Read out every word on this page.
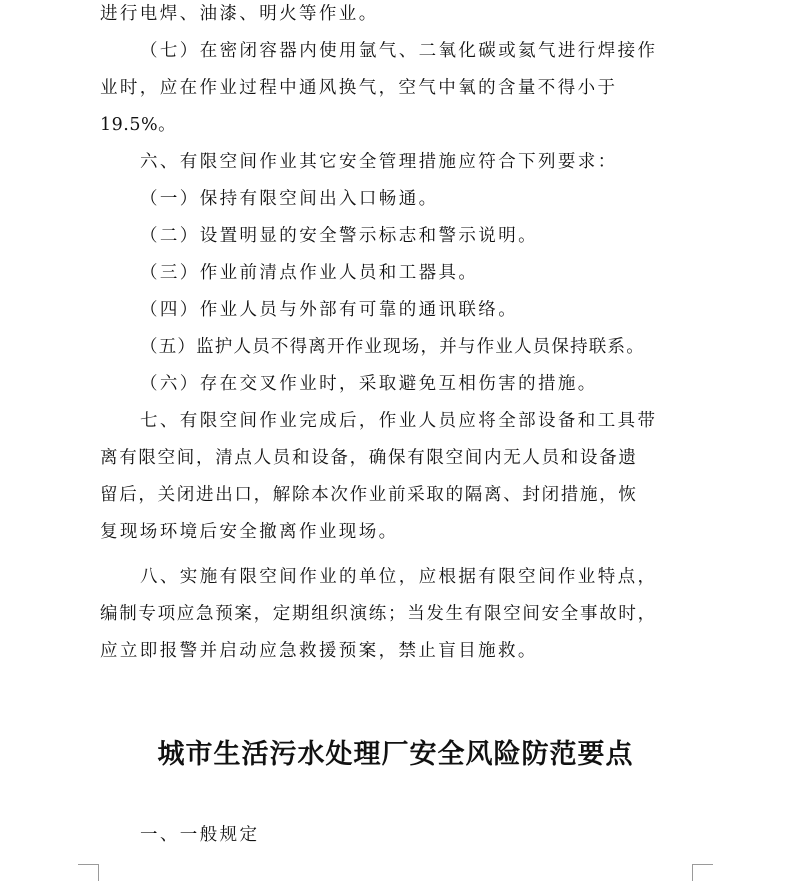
进行电焊、油漆、明火等作业。
（七）在密闭容器内使用氩气、二氧化碳或氦气进行焊接作
业时，应在作业过程中通风换气，空气中氧的含量不得小于
19.5%。
六、有限空间作业其它安全管理措施应符合下列要求：
（一）保持有限空间出入口畅通。
（二）设置明显的安全警示标志和警示说明。
（三）作业前清点作业人员和工器具。
（四）作业人员与外部有可靠的通讯联络。
（五）监护人员不得离开作业现场，并与作业人员保持联系。
（六）存在交叉作业时，采取避免互相伤害的措施。
七、有限空间作业完成后，作业人员应将全部设备和工具带
离有限空间，清点人员和设备，确保有限空间内无人员和设备遗
留后，关闭进出口，解除本次作业前采取的隔离、封闭措施，恢
复现场环境后安全撤离作业现场。
八、实施有限空间作业的单位，应根据有限空间作业特点，
编制专项应急预案，定期组织演练；当发生有限空间安全事故时，
应立即报警并启动应急救援预案，禁止盲目施救。
城市生活污水处理厂安全风险防范要点
一、一般规定
